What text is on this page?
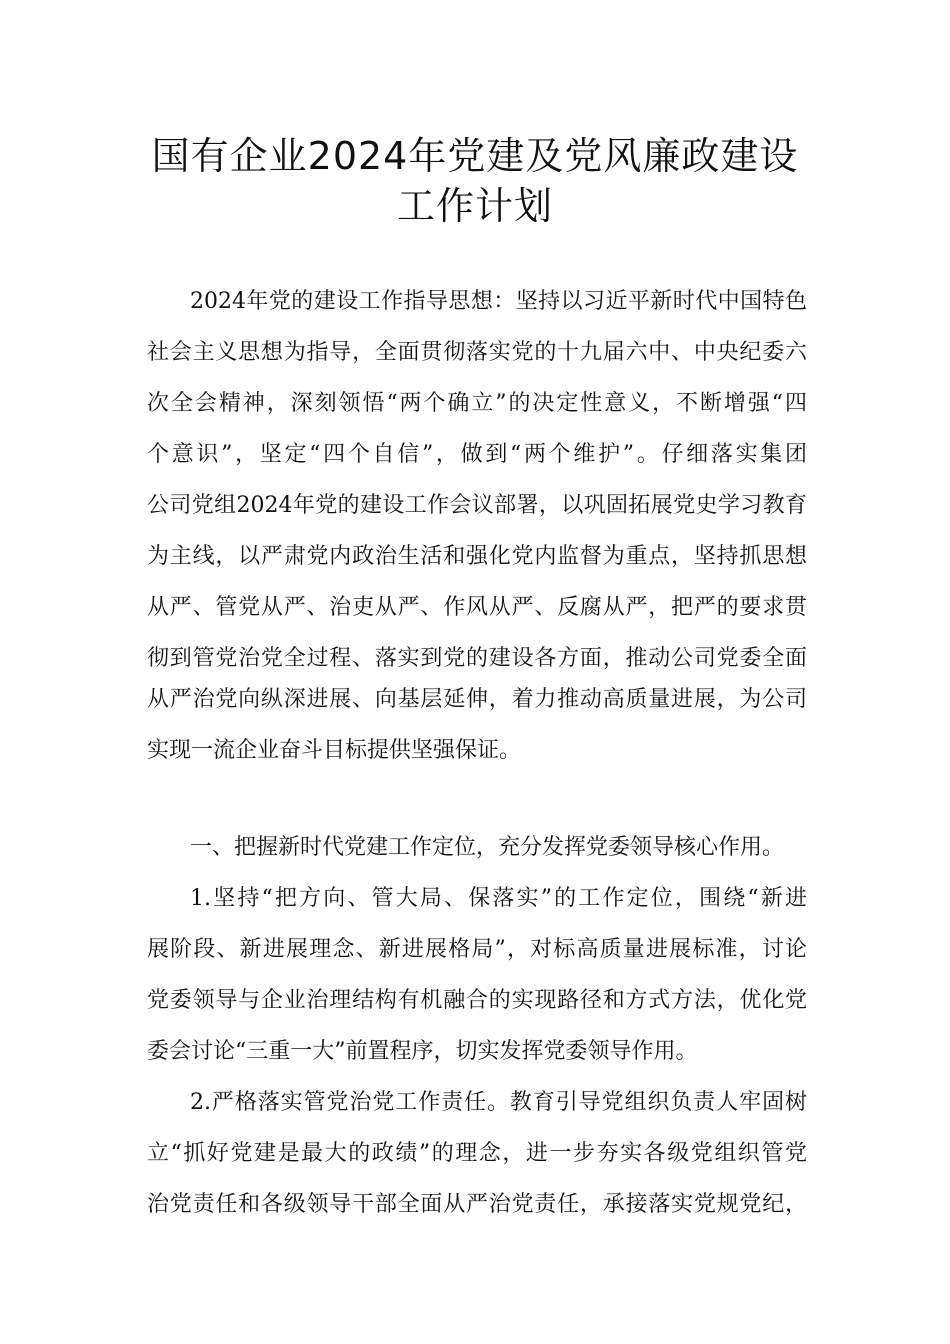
国有企业2024年党建及党风廉政建设
工作计划
2024年党的建设工作指导思想：坚持以习近平新时代中国特色
社会主义思想为指导，全面贯彻落实党的十九届六中、中央纪委六
次全会精神，深刻领悟“两个确立”的决定性意义，不断增强“四
个意识”，坚定“四个自信”，做到“两个维护”。仔细落实集团
公司党组2024年党的建设工作会议部署，以巩固拓展党史学习教育
为主线，以严肃党内政治生活和强化党内监督为重点，坚持抓思想
从严、管党从严、治吏从严、作风从严、反腐从严，把严的要求贯
彻到管党治党全过程、落实到党的建设各方面，推动公司党委全面
从严治党向纵深进展、向基层延伸，着力推动高质量进展，为公司
实现一流企业奋斗目标提供坚强保证。
一、把握新时代党建工作定位，充分发挥党委领导核心作用。
1.坚持“把方向、管大局、保落实”的工作定位，围绕“新进
展阶段、新进展理念、新进展格局”，对标高质量进展标准，讨论
党委领导与企业治理结构有机融合的实现路径和方式方法，优化党
委会讨论“三重一大”前置程序，切实发挥党委领导作用。
2.严格落实管党治党工作责任。教育引导党组织负责人牢固树
立“抓好党建是最大的政绩”的理念，进一步夯实各级党组织管党
治党责任和各级领导干部全面从严治党责任，承接落实党规党纪，
